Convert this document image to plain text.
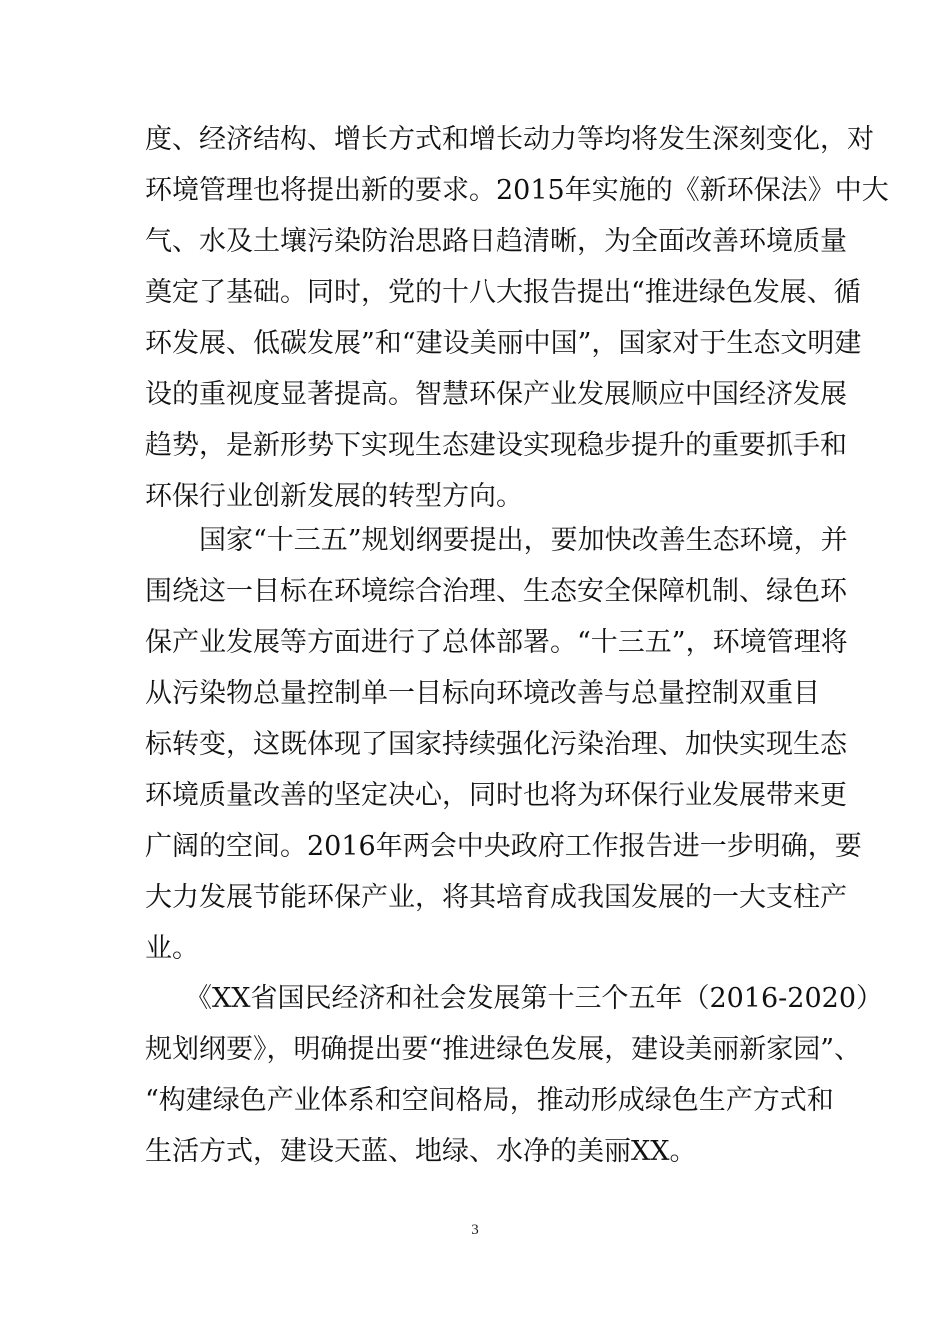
度、经济结构、增长方式和增长动力等均将发生深刻变化，对
环境管理也将提出新的要求。2015年实施的《新环保法》中大
气、水及土壤污染防治思路日趋清晰，为全面改善环境质量
奠定了基础。同时，党的十八大报告提出“推进绿色发展、循
环发展、低碳发展”和“建设美丽中国”，国家对于生态文明建
设的重视度显著提高。智慧环保产业发展顺应中国经济发展
趋势，是新形势下实现生态建设实现稳步提升的重要抓手和
环保行业创新发展的转型方向。
国家“十三五”规划纲要提出，要加快改善生态环境，并
围绕这一目标在环境综合治理、生态安全保障机制、绿色环
保产业发展等方面进行了总体部署。“十三五”，环境管理将
从污染物总量控制单一目标向环境改善与总量控制双重目
标转变，这既体现了国家持续强化污染治理、加快实现生态
环境质量改善的坚定决心，同时也将为环保行业发展带来更
广阔的空间。2016年两会中央政府工作报告进一步明确，要
大力发展节能环保产业，将其培育成我国发展的一大支柱产
业。
《XX省国民经济和社会发展第十三个五年（2016-2020）
规划纲要》，明确提出要“推进绿色发展，建设美丽新家园”、
“构建绿色产业体系和空间格局，推动形成绿色生产方式和
生活方式，建设天蓝、地绿、水净的美丽XX。
3
